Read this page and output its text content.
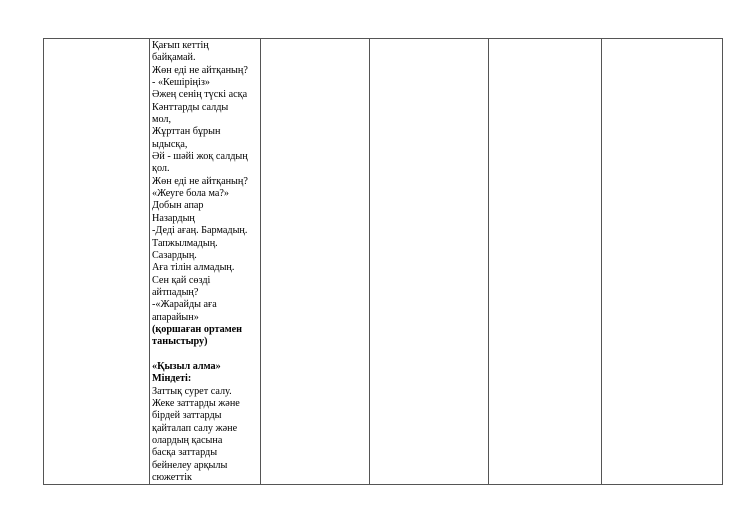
Қағып кеттің
байқамай.
Жөн еді не айтқаның?
- «Кешіріңіз»
Әжең сенің түскі асқа
Кәнттарды салды
мол,
Жұрттан бұрын
ыдысқа,
Әй - шәйі жоқ салдың
қол.
Жөн еді не айтқаның?
«Жеуге бола ма?»
Добын апар
Назардың
-Деді ағаң. Бармадың.
Тапжылмадың.
Сазардың.
Аға тілін алмадың.
Сен қай сөзді
айтпадың?
-«Жарайды аға
апарайын»
(қоршаған ортамен
таныстыру)
«Қызыл алма»
Міндеті:
Заттық сурет салу.
Жеке заттарды және
бірдей заттарды
қайталап салу және
олардың қасына
басқа заттарды
бейнелеу арқылы
сюжеттік
